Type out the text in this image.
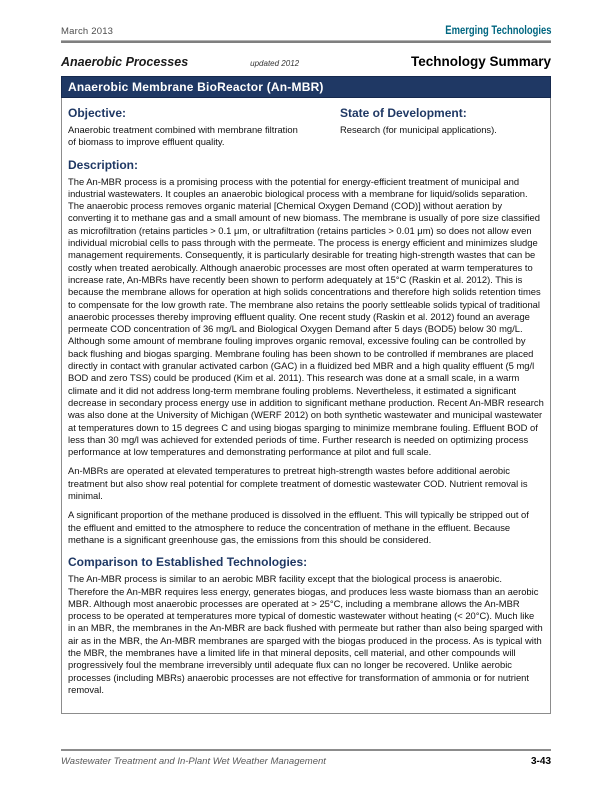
March 2013	Emerging Technologies
Anaerobic Processes	updated 2012	Technology Summary
Anaerobic Membrane BioReactor (An-MBR)
Objective:
Anaerobic treatment combined with membrane filtration of biomass to improve effluent quality.
State of Development:
Research (for municipal applications).
Description:
The An-MBR process is a promising process with the potential for energy-efficient treatment of municipal and industrial wastewaters. It couples an anaerobic biological process with a membrane for liquid/solids separation. The anaerobic process removes organic material [Chemical Oxygen Demand (COD)] without aeration by converting it to methane gas and a small amount of new biomass. The membrane is usually of pore size classified as microfiltration (retains particles > 0.1 μm, or ultrafiltration (retains particles > 0.01 μm) so does not allow even individual microbial cells to pass through with the permeate. The process is energy efficient and minimizes sludge management requirements. Consequently, it is particularly desirable for treating high-strength wastes that can be costly when treated aerobically. Although anaerobic processes are most often operated at warm temperatures to increase rate, An-MBRs have recently been shown to perform adequately at 15°C (Raskin et al. 2012). This is because the membrane allows for operation at high solids concentrations and therefore high solids retention times to compensate for the low growth rate. The membrane also retains the poorly settleable solids typical of traditional anaerobic processes thereby improving effluent quality. One recent study (Raskin et al. 2012) found an average permeate COD concentration of 36 mg/L and Biological Oxygen Demand after 5 days (BOD5) below 30 mg/L. Although some amount of membrane fouling improves organic removal, excessive fouling can be controlled by back flushing and biogas sparging. Membrane fouling has been shown to be controlled if membranes are placed directly in contact with granular activated carbon (GAC) in a fluidized bed MBR and a high quality effluent (5 mg/l BOD and zero TSS) could be produced (Kim et al. 2011). This research was done at a small scale, in a warm climate and it did not address long-term membrane fouling problems. Nevertheless, it estimated a significant decrease in secondary process energy use in addition to significant methane production. Recent An-MBR research was also done at the University of Michigan (WERF 2012) on both synthetic wastewater and municipal wastewater at temperatures down to 15 degrees C and using biogas sparging to minimize membrane fouling. Effluent BOD of less than 30 mg/l was achieved for extended periods of time. Further research is needed on optimizing process performance at low temperatures and demonstrating performance at pilot and full scale.
An-MBRs are operated at elevated temperatures to pretreat high-strength wastes before additional aerobic treatment but also show real potential for complete treatment of domestic wastewater COD. Nutrient removal is minimal.
A significant proportion of the methane produced is dissolved in the effluent. This will typically be stripped out of the effluent and emitted to the atmosphere to reduce the concentration of methane in the effluent. Because methane is a significant greenhouse gas, the emissions from this should be considered.
Comparison to Established Technologies:
The An-MBR process is similar to an aerobic MBR facility except that the biological process is anaerobic. Therefore the An-MBR requires less energy, generates biogas, and produces less waste biomass than an aerobic MBR. Although most anaerobic processes are operated at > 25°C, including a membrane allows the An-MBR process to be operated at temperatures more typical of domestic wastewater without heating (< 20°C). Much like in an MBR, the membranes in the An-MBR are back flushed with permeate but rather than also being sparged with air as in the MBR, the An-MBR membranes are sparged with the biogas produced in the process. As is typical with the MBR, the membranes have a limited life in that mineral deposits, cell material, and other compounds will progressively foul the membrane irreversibly until adequate flux can no longer be recovered. Unlike aerobic processes (including MBRs) anaerobic processes are not effective for transformation of ammonia or for nutrient removal.
Wastewater Treatment and In-Plant Wet Weather Management	3-43
